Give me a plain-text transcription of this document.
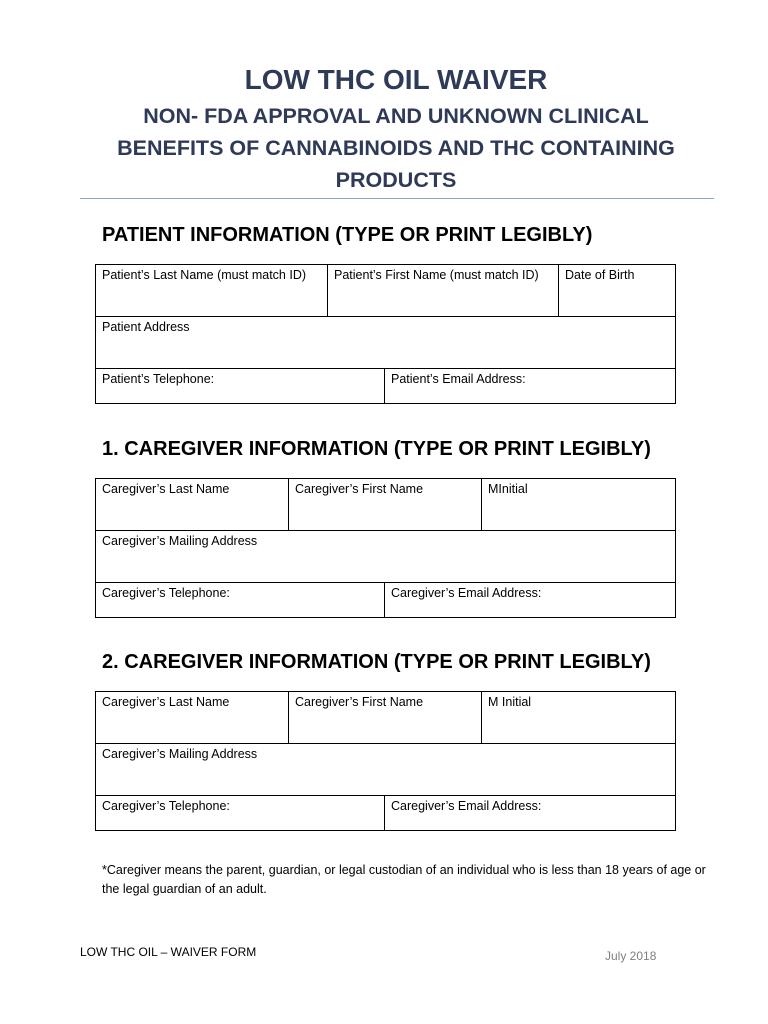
LOW THC OIL WAIVER
NON- FDA APPROVAL AND UNKNOWN CLINICAL
BENEFITS OF CANNABINOIDS AND THC CONTAINING
PRODUCTS
PATIENT INFORMATION (TYPE OR PRINT LEGIBLY)
Patient’s Last Name (must match ID)	Patient’s First Name (must match ID)		Date of Birth
Patient Address			
Patient’s Telephone:		Patient’s Email Address:	
1. CAREGIVER INFORMATION (TYPE OR PRINT LEGIBLY)
Caregiver’s Last Name	Caregiver’s First Name		MInitial
Caregiver’s Mailing Address			
Caregiver’s Telephone:		Caregiver’s Email Address:	
2. CAREGIVER INFORMATION (TYPE OR PRINT LEGIBLY)
Caregiver’s Last Name	Caregiver’s First Name		M Initial
Caregiver’s Mailing Address			
Caregiver’s Telephone:		Caregiver’s Email Address:	
*Caregiver means the parent, guardian, or legal custodian of an individual who is less than 18 years of age or the legal guardian of an adult.
LOW THC OIL – WAIVER FORM	July 2018
